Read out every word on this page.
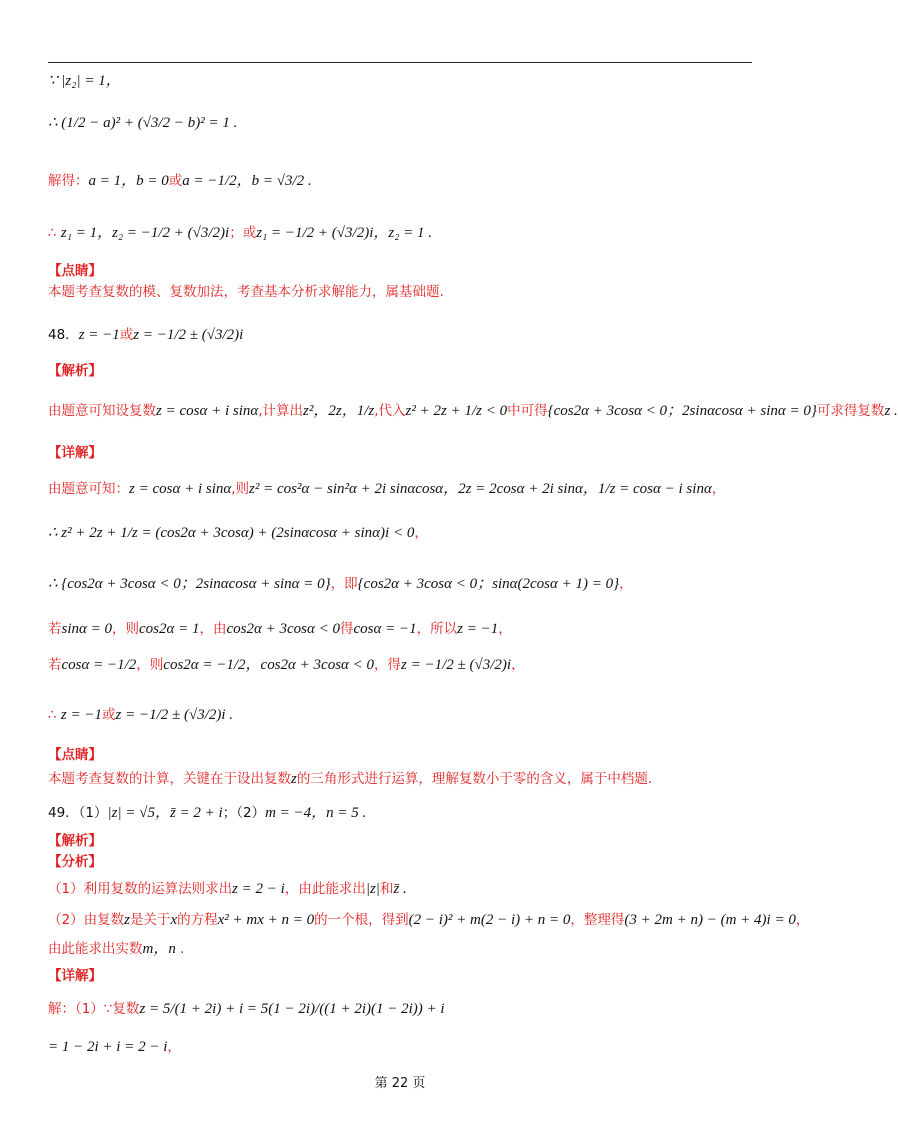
∵ |z₂| = 1，
∴ (1/2 − a)² + (√3/2 − b)² = 1 .
解得：a = 1，b = 0或a = −1/2，b = √3/2 .
∴ z₁ = 1，z₂ = −1/2 + (√3/2)i；或z₁ = −1/2 + (√3/2)i，z₂ = 1 .
【点睛】
本题考查复数的模、复数加法，考查基本分析求解能力，属基础题.
48．z = −1或z = −1/2 ± (√3/2)i
【解析】
由题意可知设复数z = cosα + i sinα,计算出z²，2z，1/z,代入z² + 2z + 1/z < 0中可得{cos2α + 3cosα < 0；2sinαcosα + sinα = 0}可求得复数z .
【详解】
由题意可知：z = cosα + i sinα,则z² = cos²α − sin²α + 2i sinαcosα，2z = 2cosα + 2i sinα，1/z = cosα − i sinα，
∴ z² + 2z + 1/z = (cos2α + 3cosα) + (2sinαcosα + sinα)i < 0，
∴ {cos2α + 3cosα < 0；2sinαcosα + sinα = 0}，即{cos2α + 3cosα < 0；sinα(2cosα + 1) = 0}，
若sinα = 0，则cos2α = 1，由cos2α + 3cosα < 0得cosα = −1，所以z = −1，
若cosα = −1/2，则cos2α = −1/2，cos2α + 3cosα < 0，得z = −1/2 ± (√3/2)i，
∴ z = −1或z = −1/2 ± (√3/2)i .
【点睛】
本题考查复数的计算，关键在于设出复数z的三角形式进行运算，理解复数小于零的含义，属于中档题.
49．（1）|z| = √5，z̄ = 2 + i；（2）m = −4，n = 5 .
【解析】
【分析】
（1）利用复数的运算法则求出z = 2 − i，由此能求出|z|和z̄ .
（2）由复数z是关于x的方程x² + mx + n = 0的一个根，得到(2 − i)² + m(2 − i) + n = 0，整理得(3 + 2m + n) − (m + 4)i = 0，
由此能求出实数m，n .
【详解】
解：（1）∵复数z = 5/(1 + 2i) + i = 5(1 − 2i)/((1 + 2i)(1 − 2i)) + i
= 1 − 2i + i = 2 − i，
第 22 页
